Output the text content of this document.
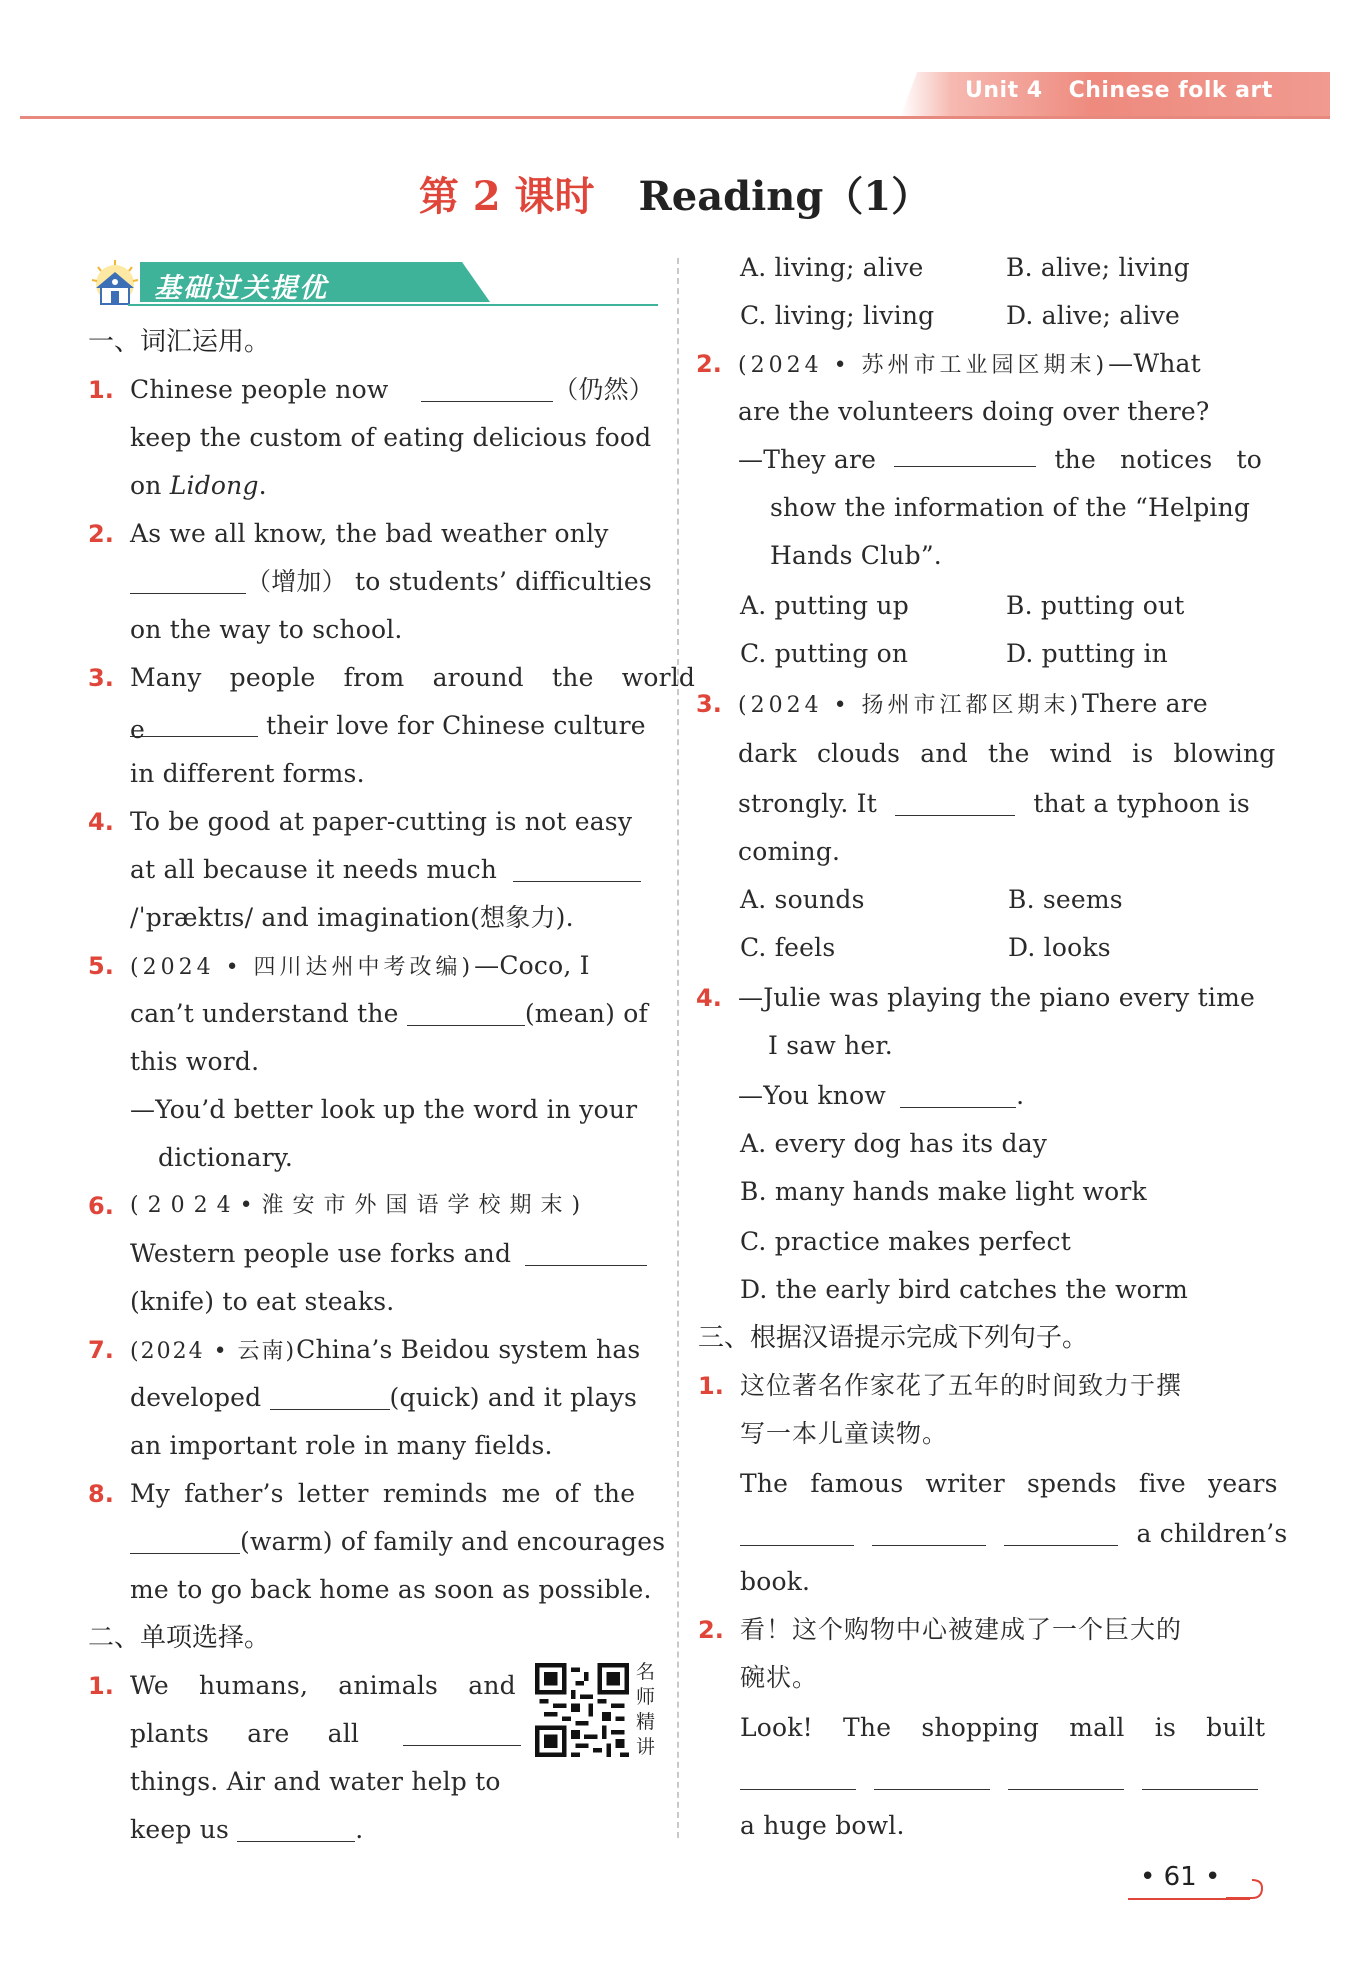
Unit 4 Chinese folk art
第 2 课时 Reading（1）
基础过关提优
一、词汇运用。
1. Chinese people now	（仍然）
keep the custom of eating delicious food
on Lidong.
2. As we all know, the bad weather only
（增加） to students’ difficulties
on the way to school.
3. Many people from around the world
e	their love for Chinese culture
in different forms.
4. To be good at paper-cutting is not easy
at all because it needs much
/ˈpræktɪs/ and imagination(想象力).
5. (2024 • 四川达州中考改编)—Coco, I
can’t understand the	(mean) of
this word.
—You’d better look up the word in your
dictionary.
6. (2024•淮安市外国语学校期末)
Western people use forks and
(knife) to eat steaks.
7. (2024 • 云南)China’s Beidou system has
developed	(quick) and it plays
an important role in many fields.
8. My father’s letter reminds me of the
(warm) of family and encourages
me to go back home as soon as possible.
二、单项选择。
1. We humans, animals and
plants are all
things. Air and water help to
keep us	.
名师精讲
A. living; alive	B. alive; living
C. living; living	D. alive; alive
2. (2024 • 苏州市工业园区期末)—What
are the volunteers doing over there?
—They are	the notices to
show the information of the “Helping
Hands Club”.
A. putting up	B. putting out
C. putting on	D. putting in
3. (2024 • 扬州市江都区期末)There are
dark clouds and the wind is blowing
strongly. It	that a typhoon is
coming.
A. sounds	B. seems
C. feels	D. looks
4. —Julie was playing the piano every time
I saw her.
—You know	.
A. every dog has its day
B. many hands make light work
C. practice makes perfect
D. the early bird catches the worm
三、根据汉语提示完成下列句子。
1. 这位著名作家花了五年的时间致力于撰
写一本儿童读物。
The famous writer spends five years
a children’s
book.
2. 看！这个购物中心被建成了一个巨大的
碗状。
Look! The shopping mall is built

a huge bowl.
• 61 •
